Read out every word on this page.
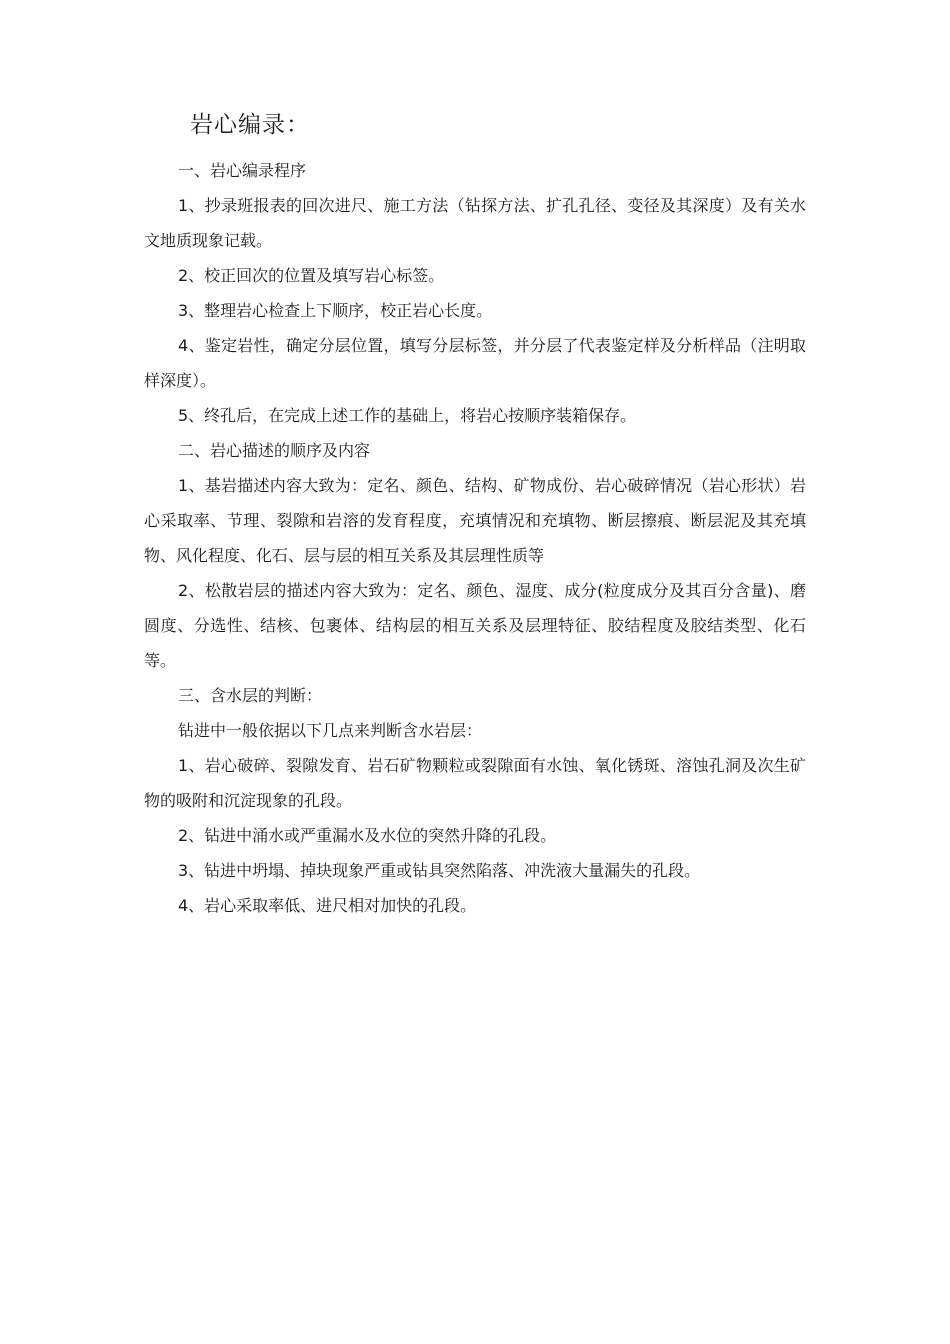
岩心编录：

一、岩心编录程序

1、抄录班报表的回次进尺、施工方法（钻探方法、扩孔孔径、变径及其深度）及有关水文地质现象记载。

2、校正回次的位置及填写岩心标签。

3、整理岩心检查上下顺序，校正岩心长度。

4、鉴定岩性，确定分层位置，填写分层标签，并分层了代表鉴定样及分析样品（注明取样深度）。

5、终孔后，在完成上述工作的基础上，将岩心按顺序装箱保存。

二、岩心描述的顺序及内容

1、基岩描述内容大致为：定名、颜色、结构、矿物成份、岩心破碎情况（岩心形状）岩心采取率、节理、裂隙和岩溶的发育程度，充填情况和充填物、断层擦痕、断层泥及其充填物、风化程度、化石、层与层的相互关系及其层理性质等

2、松散岩层的描述内容大致为：定名、颜色、湿度、成分(粒度成分及其百分含量)、磨圆度、分选性、结核、包裹体、结构层的相互关系及层理特征、胶结程度及胶结类型、化石等。

三、含水层的判断：

钻进中一般依据以下几点来判断含水岩层：

1、岩心破碎、裂隙发育、岩石矿物颗粒或裂隙面有水蚀、氧化锈斑、溶蚀孔洞及次生矿物的吸附和沉淀现象的孔段。

2、钻进中涌水或严重漏水及水位的突然升降的孔段。

3、钻进中坍塌、掉块现象严重或钻具突然陷落、冲洗液大量漏失的孔段。

4、岩心采取率低、进尺相对加快的孔段。
